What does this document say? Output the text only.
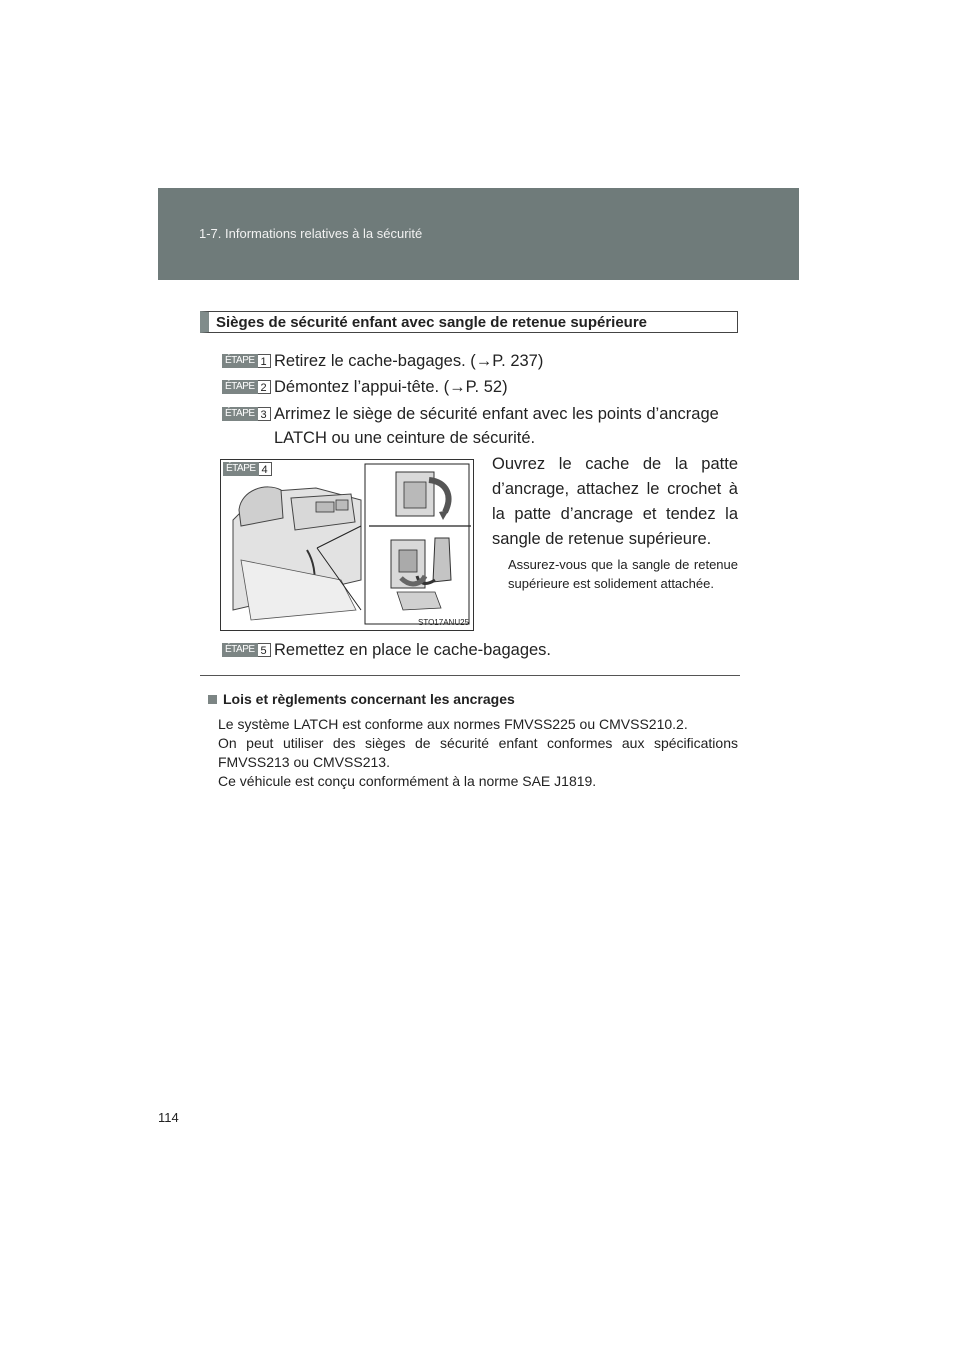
1-7. Informations relatives à la sécurité
Sièges de sécurité enfant avec sangle de retenue supérieure
ÉTAPE 1 Retirez le cache-bagages. (→P. 237)
ÉTAPE 2 Démontez l’appui-tête. (→P. 52)
ÉTAPE 3 Arrimez le siège de sécurité enfant avec les points d’ancrage
LATCH ou une ceinture de sécurité.
STO17ANU25
ÉTAPE 4	Ouvrez le cache de la patte d’ancrage, attachez le crochet à la patte d’ancrage et tendez la sangle de retenue supérieure.
Assurez-vous que la sangle de retenue supérieure est solidement attachée.
ÉTAPE 5 Remettez en place le cache-bagages.
Lois et règlements concernant les ancrages

Le système LATCH est conforme aux normes FMVSS225 ou CMVSS210.2.

On peut utiliser des sièges de sécurité enfant conformes aux spécifications FMVSS213 ou CMVSS213.

Ce véhicule est conçu conformément à la norme SAE J1819.

114
